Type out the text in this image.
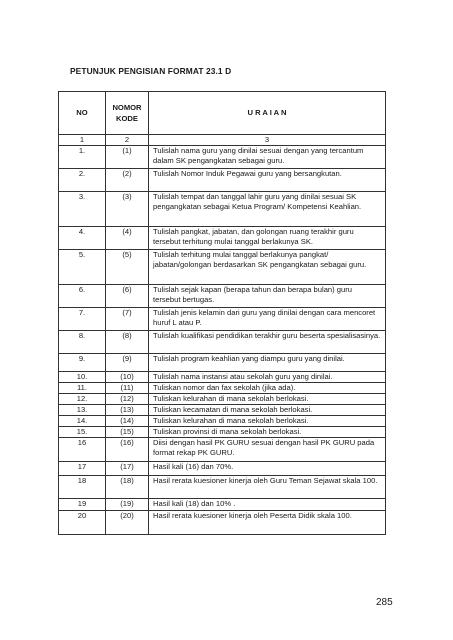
PETUNJUK PENGISIAN FORMAT 23.1 D
NO	NOMOR KODE	U R A I A N
1	2	3
1.	(1)	Tulislah nama guru yang dinilai sesuai dengan yang tercantum dalam SK pengangkatan sebagai guru.
2.	(2)	Tulislah Nomor Induk Pegawai guru yang bersangkutan.
3.	(3)	Tulislah tempat dan tanggal lahir guru yang dinilai sesuai SK pengangkatan sebagai Ketua Program/ Kompetensi Keahlian.
4.	(4)	Tulislah pangkat, jabatan, dan golongan ruang terakhir guru tersebut terhitung mulai tanggal berlakunya SK.
5.	(5)	Tulislah terhitung mulai tanggal berlakunya pangkat/ jabatan/golongan berdasarkan SK pengangkatan sebagai guru.
6.	(6)	Tulislah sejak kapan (berapa tahun dan berapa bulan) guru tersebut bertugas.
7.	(7)	Tulislah jenis kelamin dari guru yang dinilai dengan cara mencoret huruf L atau P.
8.	(8)	Tulislah kualifikasi pendidikan terakhir guru beserta spesialisasinya.
9.	(9)	Tulislah program keahlian yang diampu guru yang dinilai.
10.	(10)	Tulislah nama instansi atau sekolah guru yang dinilai.
11.	(11)	Tuliskan nomor dan fax sekolah (jika ada).
12.	(12)	Tuliskan kelurahan di mana sekolah berlokasi.
13.	(13)	Tuliskan kecamatan di mana sekolah berlokasi.
14.	(14)	Tuliskan kelurahan di mana sekolah berlokasi.
15.	(15)	Tuliskan provinsi di mana sekolah berlokasi.
16	(16)	Diisi dengan hasil PK GURU sesuai dengan hasil PK GURU pada format rekap PK GURU.
17	(17)	Hasil kali (16) dan 70%.
18	(18)	Hasil rerata kuesioner kinerja oleh Guru Teman Sejawat skala 100.
19	(19)	Hasil kali (18) dan 10% .
20	(20)	Hasil rerata kuesioner kinerja oleh Peserta Didik skala 100.
285
